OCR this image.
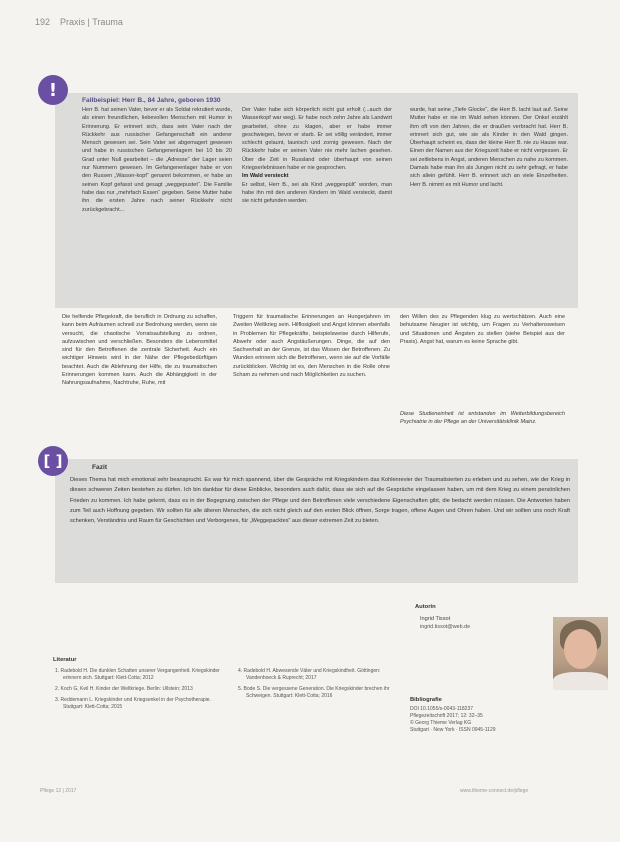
192 Praxis | Trauma
!	Fallbeispiel: Herr B., 84 Jahre, geboren 1930
Herr B. hat seinen Vater, bevor er als Soldat rekrutiert wurde, als einen freundlichen, liebevollen Menschen mit Humor in Erinnerung. Er erinnert sich, dass sein Vater nach der Rückkehr aus russischer Gefangenschaft ein anderer Mensch gewesen sei. Sein Vater sei abgemagert gewesen und habe in russischen Gefangenenlagern bei 10 bis 20 Grad unter Null gearbeitet – die „Adresse“ der Lager seien nur Nummern gewesen. Im Gefangenenlager habe er von den Russen „Wasser-kopf“ genannt bekommen, er habe an seinen Kopf gefasst und gesagt „weggepustet“. Die Familie habe das nur „mehrfach Essen“ gegeben. Seine Mutter habe ihn die ersten Jahre nach seiner Rückkehr nicht zurückgebracht...
Der Vater habe sich körperlich nicht gut erholt (...auch der Wasserkopf war weg). Er habe noch zehn Jahre als Landwirt gearbeitet, ohne zu klagen, aber er habe immer geschwiegen, bevor er starb. Er sei völlig verändert, immer schlecht gelaunt, launisch und zornig gewesen. Nach der Rückkehr habe er seinen Vater nie mehr lachen gesehen. Über die Zeit in Russland oder überhaupt von seinen Kriegserlebnissen habe er nie gesprochen.
Im Wald versteckt
Er selbst, Herr B., sei als Kind „weggespült“ worden, man habe ihn mit den anderen Kindern im Wald versteckt, damit sie nicht gefunden werden.
wurde, hat seine „Tiefe Glocke“, die Herr B. lacht laut auf. Seine Mutter habe er nie im Wald sehen können. Der Onkel erzählt ihm oft von den Jahren, die er draußen verbracht hat. Herr B. erinnert sich gut, wie sie als Kinder in den Wald gingen. Überhaupt scheint es, dass der kleine Herr B. nie zu Hause war. Einen der Namen aus der Kriegszeit habe er nicht vergessen. Er sei zeitlebens in Angst, anderen Menschen zu nahe zu kommen. Damals habe man ihn als Jungen nicht zu sehr gefragt, er habe sich allein gefühlt. Herr B. erinnert sich an viele Einzelheiten. Herr B. nimmt es mit Humor und lacht.
Die helfende Pflegekraft, die beruflich in Ordnung zu schaffen, kann beim Aufräumen schnell zur Bedrohung werden, wenn sie versucht, die chaotische Vorratsaufstellung zu ordnen, aufzuwischen und verschließen. Besonders die Lebensmittel sind für den Betroffenen die zentrale Sicherheit. Auch ein wichtiger Hinweis wird in der Nähe der Pflegebedürftigen beachtet. Auch die Ablehnung der Hilfe, die zu traumatischen Erinnerungen kommen kann. Auch die Abhängigkeit in der Nahrungsaufnahme, Nachtruhe, Ruhe, mit
Triggern für traumatische Erinnerungen an Hungerjahren im Zweiten Weltkrieg sein. Hilflosigkeit und Angst können ebenfalls in Problemen für Pflegekräfte, beispielsweise durch Hilferufe, Abwehr oder auch Angstäußerungen. Dinge, die auf den Sachverhalt an der Grenze, ist das Wissen der Betroffenen. Zu Wunden erinnern sich die Betroffenen, wenn sie auf die Vorfälle zurückblicken. Wichtig ist es, den Menschen in die Rolle ohne Scham zu nehmen und nach Möglichkeiten zu suchen.
den Willen des zu Pflegenden klug zu wertschätzen. Auch eine behutsame Neugier ist wichtig, um Fragen zu Verhaltensweisen und Situationen und Ängsten zu stellen (siehe Beispiel aus der Praxis). Angst hat, warum es keine Sprache gibt.
Diese Studieneinheit ist entstanden im Weiterbildungsbereich Psychiatrie in der Pflege an der Universitätsklinik Mainz.
[ ]	Fazit
Dieses Thema hat mich emotional sehr beansprucht. Es war für mich spannend, über die Gespräche mit Kriegskindern das Kohlenrevier der Traumatisierten zu erleben und zu sehen, wie der Krieg in diesen schweren Zeiten bestehen zu dürfen. Ich bin dankbar für diese Einblicke, besonders auch dafür, dass sie sich auf die Gespräche eingelassen haben, um mit dem Krieg zu einem persönlichen Frieden zu kommen. Ich habe gelernt, dass es in der Begegnung zwischen der Pflege und den Betroffenen viele verschiedene Eigenschaften gibt, die bedacht werden müssen. Die Antworten haben zum Teil auch Hoffnung gegeben. Wir sollten für alle älteren Menschen, die sich nicht gleich auf den ersten Blick öffnen, Sorge tragen, offene Augen und Ohren haben. Und wir sollten uns noch Kraft schenken, Verständnis und Raum für Geschichten und Verborgenes, für „Weggepacktes“ aus dieser extremen Zeit zu bieten.
Autorin
Ingrid Tissot
ingrid.tissot@web.de
Literatur
1. Radebold H. Die dunklen Schatten unserer Vergangenheit. Kriegskinder erinnern sich. Stuttgart: Klett-Cotta; 2012
2. Koch G, Keil H. Kinder der Weltkriege. Berlin: Ullstein; 2013
3. Reddemann L. Kriegskinder und Kriegsenkel in der Psychotherapie. Stuttgart: Klett-Cotta; 2015
4. Radebold H. Abwesende Väter und Kriegskindheit. Göttingen: Vandenhoeck & Ruprecht; 2017
5. Bode S. Die vergessene Generation. Die Kriegskinder brechen ihr Schweigen. Stuttgart: Klett-Cotta; 2016
Bibliografie
DOI 10.1055/s-0043-118237
Pflegezeitschrift 2017; 12: 32–35
© Georg Thieme Verlag KG
Stuttgart · New York · ISSN 0945-1129
Pflege 12 | 2017	www.thieme-connect.de/pflege
